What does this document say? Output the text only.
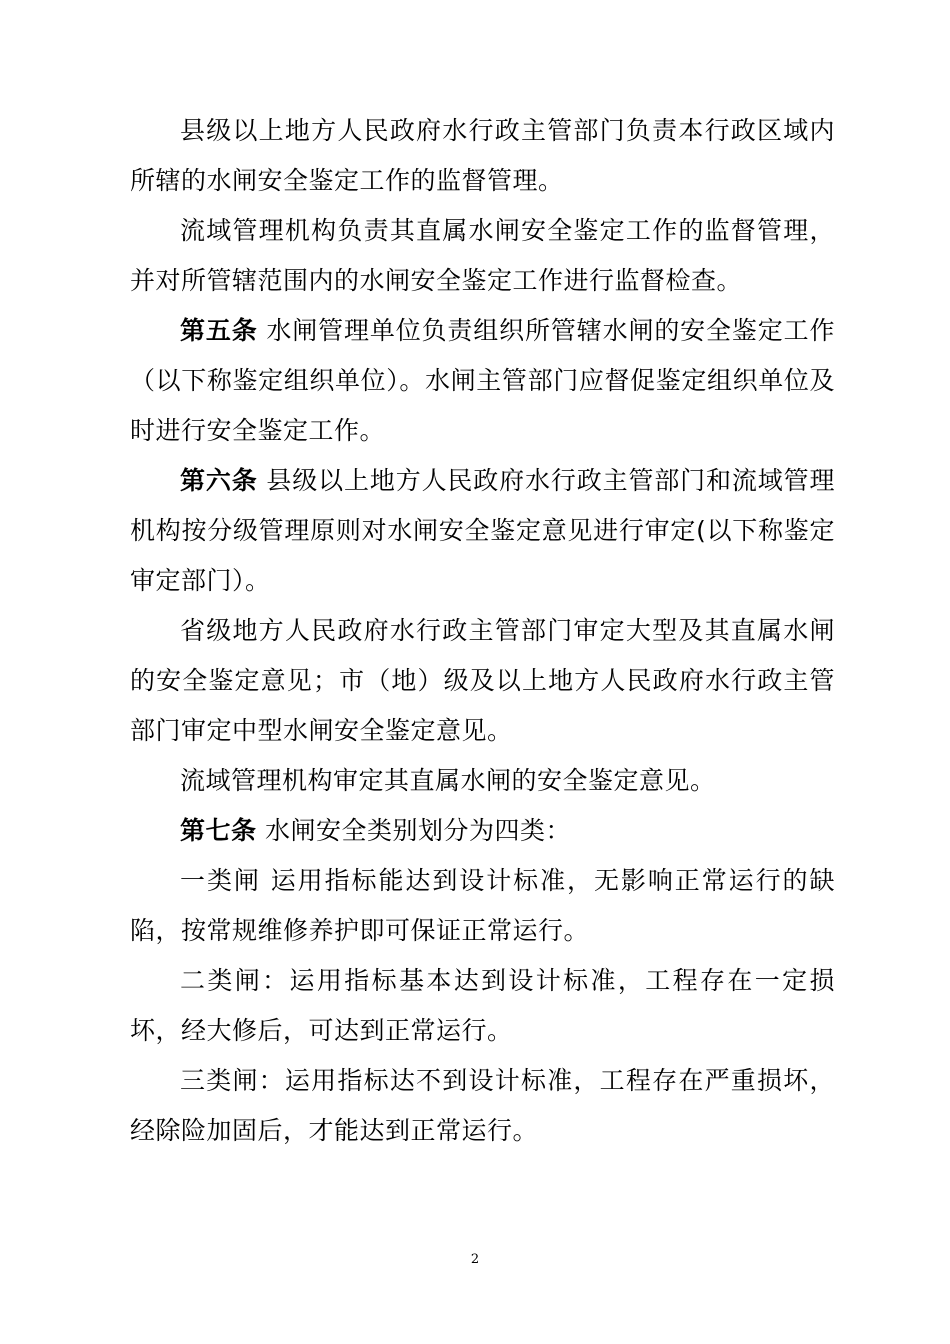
县级以上地方人民政府水行政主管部门负责本行政区域内所辖的水闸安全鉴定工作的监督管理。

流域管理机构负责其直属水闸安全鉴定工作的监督管理，并对所管辖范围内的水闸安全鉴定工作进行监督检查。

第五条 水闸管理单位负责组织所管辖水闸的安全鉴定工作（以下称鉴定组织单位）。水闸主管部门应督促鉴定组织单位及时进行安全鉴定工作。

第六条 县级以上地方人民政府水行政主管部门和流域管理机构按分级管理原则对水闸安全鉴定意见进行审定(以下称鉴定审定部门）。

省级地方人民政府水行政主管部门审定大型及其直属水闸的安全鉴定意见；市（地）级及以上地方人民政府水行政主管部门审定中型水闸安全鉴定意见。

流域管理机构审定其直属水闸的安全鉴定意见。

第七条 水闸安全类别划分为四类：

一类闸 运用指标能达到设计标准，无影响正常运行的缺陷，按常规维修养护即可保证正常运行。

二类闸：运用指标基本达到设计标准，工程存在一定损坏，经大修后，可达到正常运行。

三类闸：运用指标达不到设计标准，工程存在严重损坏，经除险加固后，才能达到正常运行。

2
